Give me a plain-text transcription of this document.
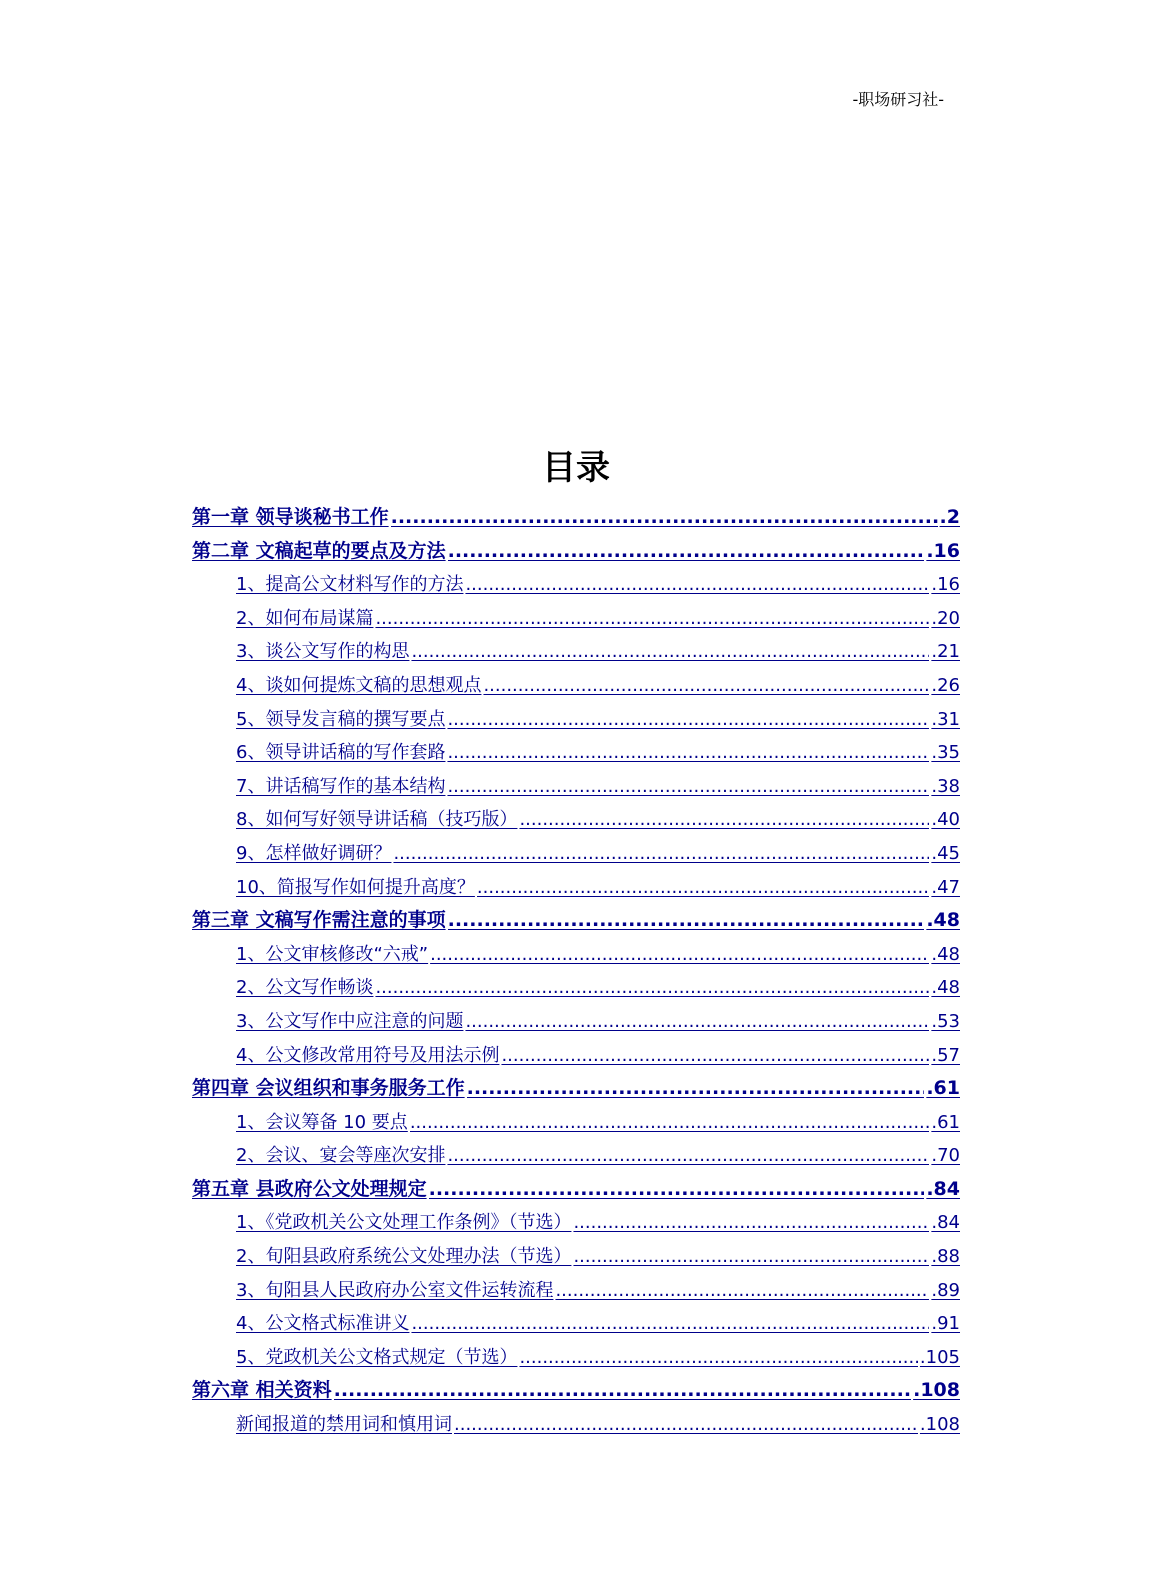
-职场研习社-
目录
第一章 领导谈秘书工作 .....	.2
第二章 文稿起草的要点及方法 .....	.16
1、提高公文材料写作的方法 .....	.16
2、如何布局谋篇 .....	.20
3、谈公文写作的构思 .....	.21
4、谈如何提炼文稿的思想观点 .....	.26
5、领导发言稿的撰写要点 .....	.31
6、领导讲话稿的写作套路 .....	.35
7、讲话稿写作的基本结构 .....	.38
8、如何写好领导讲话稿（技巧版） .....	.40
9、怎样做好调研？ .....	.45
10、简报写作如何提升高度？ .....	.47
第三章 文稿写作需注意的事项 .....	.48
1、公文审核修改“六戒” .....	.48
2、公文写作畅谈 .....	.48
3、公文写作中应注意的问题 .....	.53
4、公文修改常用符号及用法示例 .....	.57
第四章 会议组织和事务服务工作 .....	.61
1、会议筹备 10 要点 .....	.61
2、会议、宴会等座次安排 .....	.70
第五章 县政府公文处理规定 .....	.84
1、《党政机关公文处理工作条例》（节选） .....	.84
2、旬阳县政府系统公文处理办法（节选） .....	.88
3、旬阳县人民政府办公室文件运转流程 .....	.89
4、公文格式标准讲义 .....	.91
5、党政机关公文格式规定（节选） .....	.105
第六章 相关资料 .....	.108
新闻报道的禁用词和慎用词 .....	.108
